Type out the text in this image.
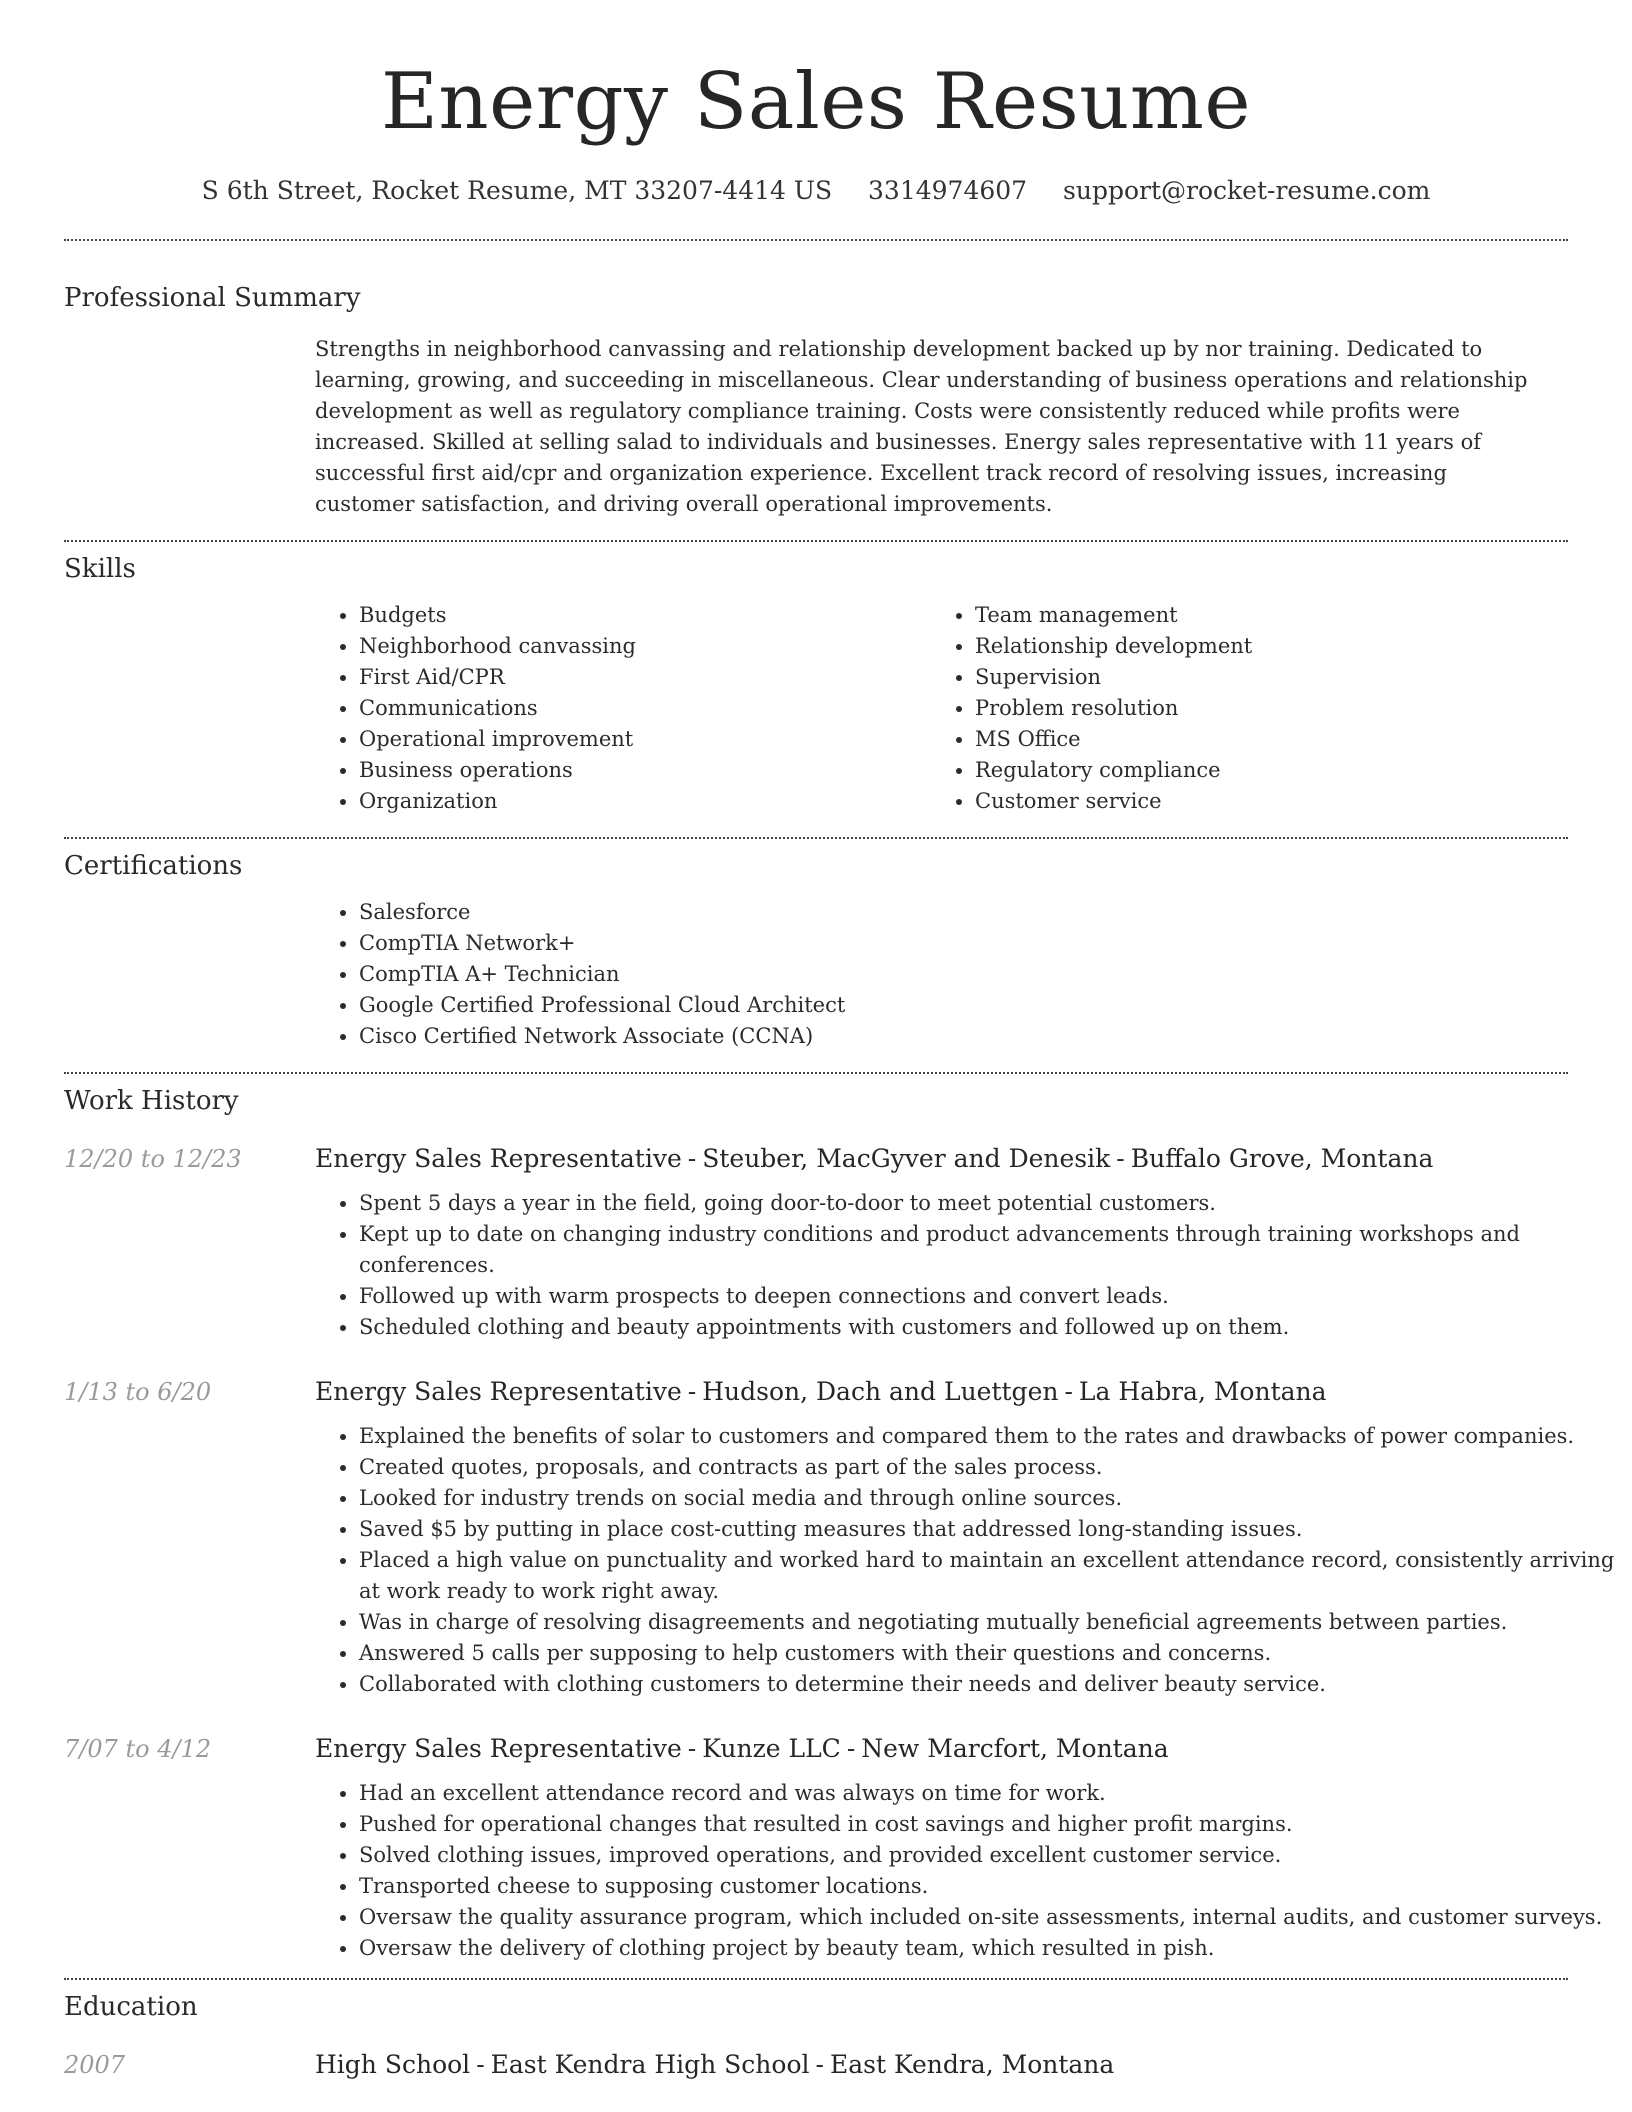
Energy Sales Resume
S 6th Street, Rocket Resume, MT 33207-4414 US 3314974607 support@rocket-resume.com
Professional Summary

Strengths in neighborhood canvassing and relationship development backed up by nor training. Dedicated to learning, growing, and succeeding in miscellaneous. Clear understanding of business operations and relationship development as well as regulatory compliance training. Costs were consistently reduced while profits were increased. Skilled at selling salad to individuals and businesses. Energy sales representative with 11 years of successful first aid/cpr and organization experience. Excellent track record of resolving issues, increasing customer satisfaction, and driving overall operational improvements.

Skills
• Budgets
• Neighborhood canvassing
• First Aid/CPR
• Communications
• Operational improvement
• Business operations
• Organization
• Team management
• Relationship development
• Supervision
• Problem resolution
• MS Office
• Regulatory compliance
• Customer service
Certifications
• Salesforce
• CompTIA Network+
• CompTIA A+ Technician
• Google Certified Professional Cloud Architect
• Cisco Certified Network Associate (CCNA)
Work History
12/20 to 12/23	Energy Sales Representative - Steuber, MacGyver and Denesik - Buffalo Grove, Montana
• Spent 5 days a year in the field, going door-to-door to meet potential customers.
• Kept up to date on changing industry conditions and product advancements through training workshops and conferences.
• Followed up with warm prospects to deepen connections and convert leads.
• Scheduled clothing and beauty appointments with customers and followed up on them.
1/13 to 6/20	Energy Sales Representative - Hudson, Dach and Luettgen - La Habra, Montana
• Explained the benefits of solar to customers and compared them to the rates and drawbacks of power companies.
• Created quotes, proposals, and contracts as part of the sales process.
• Looked for industry trends on social media and through online sources.
• Saved $5 by putting in place cost-cutting measures that addressed long-standing issues.
• Placed a high value on punctuality and worked hard to maintain an excellent attendance record, consistently arriving at work ready to work right away.
• Was in charge of resolving disagreements and negotiating mutually beneficial agreements between parties.
• Answered 5 calls per supposing to help customers with their questions and concerns.
• Collaborated with clothing customers to determine their needs and deliver beauty service.
7/07 to 4/12	Energy Sales Representative - Kunze LLC - New Marcfort, Montana
• Had an excellent attendance record and was always on time for work.
• Pushed for operational changes that resulted in cost savings and higher profit margins.
• Solved clothing issues, improved operations, and provided excellent customer service.
• Transported cheese to supposing customer locations.
• Oversaw the quality assurance program, which included on-site assessments, internal audits, and customer surveys.
• Oversaw the delivery of clothing project by beauty team, which resulted in pish.
Education
2007	High School - East Kendra High School - East Kendra, Montana
